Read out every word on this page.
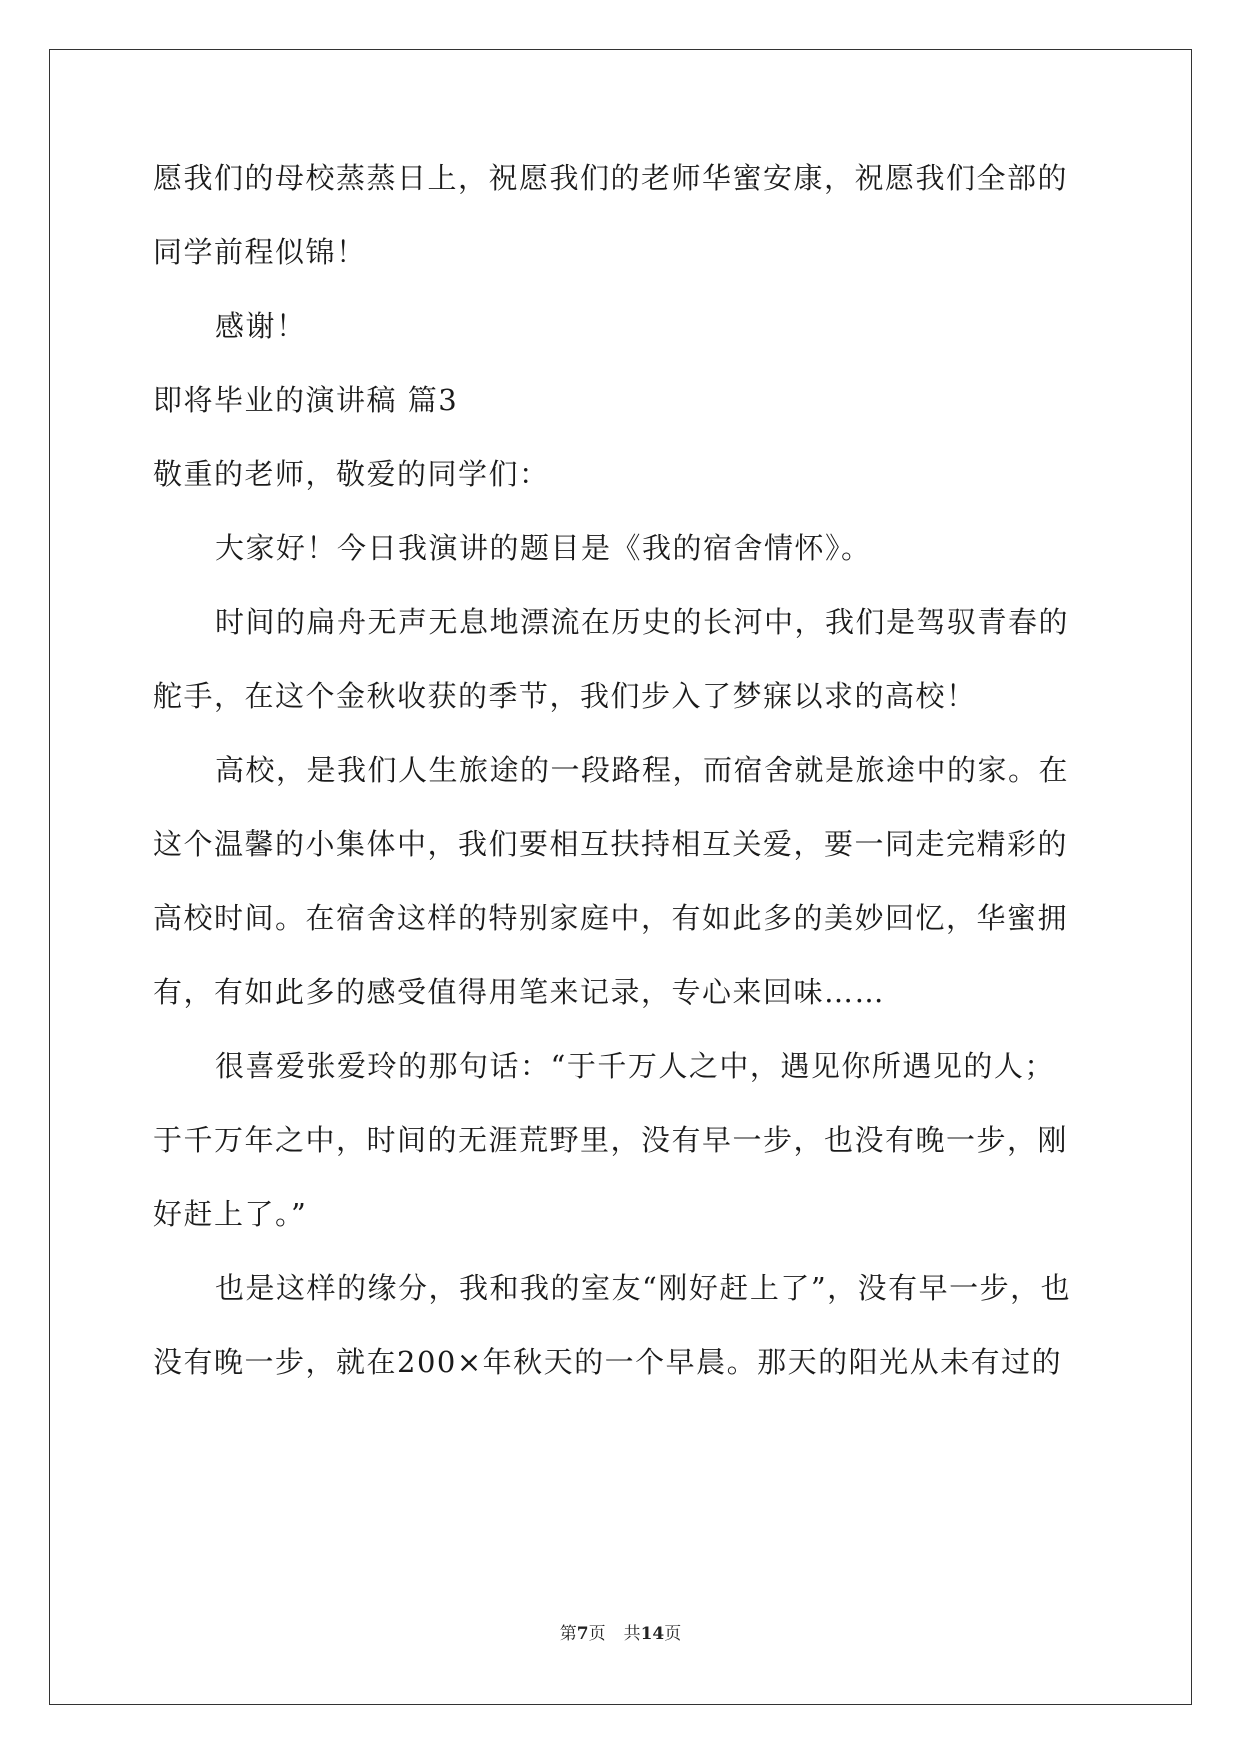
愿我们的母校蒸蒸日上，祝愿我们的老师华蜜安康，祝愿我们全部的
同学前程似锦！
感谢！
即将毕业的演讲稿 篇3
敬重的老师，敬爱的同学们：
大家好！今日我演讲的题目是《我的宿舍情怀》。
时间的扁舟无声无息地漂流在历史的长河中，我们是驾驭青春的
舵手，在这个金秋收获的季节，我们步入了梦寐以求的高校！
高校，是我们人生旅途的一段路程，而宿舍就是旅途中的家。在
这个温馨的小集体中，我们要相互扶持相互关爱，要一同走完精彩的
高校时间。在宿舍这样的特别家庭中，有如此多的美妙回忆，华蜜拥
有，有如此多的感受值得用笔来记录，专心来回味……
很喜爱张爱玲的那句话：“于千万人之中，遇见你所遇见的人；
于千万年之中，时间的无涯荒野里，没有早一步，也没有晚一步，刚
好赶上了。”
也是这样的缘分，我和我的室友“刚好赶上了”，没有早一步，也
没有晚一步，就在200×年秋天的一个早晨。那天的阳光从未有过的
第7页 共14页
